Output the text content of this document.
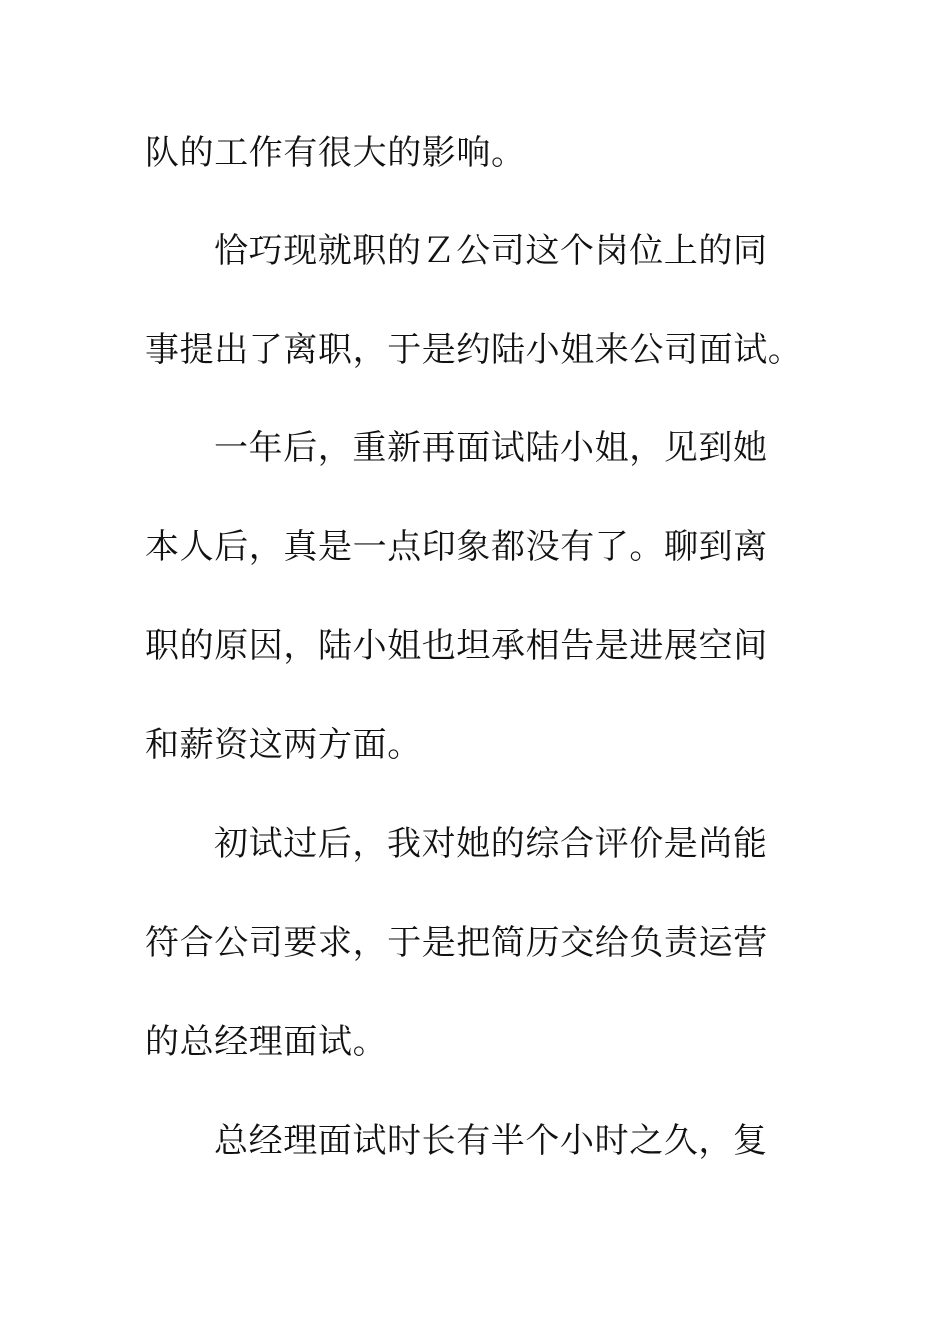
队的工作有很大的影响。
恰巧现就职的Ｚ公司这个岗位上的同
事提出了离职，于是约陆小姐来公司面试。
一年后，重新再面试陆小姐，见到她
本人后，真是一点印象都没有了。聊到离
职的原因，陆小姐也坦承相告是进展空间
和薪资这两方面。
初试过后，我对她的综合评价是尚能
符合公司要求，于是把简历交给负责运营
的总经理面试。
总经理面试时长有半个小时之久，复
